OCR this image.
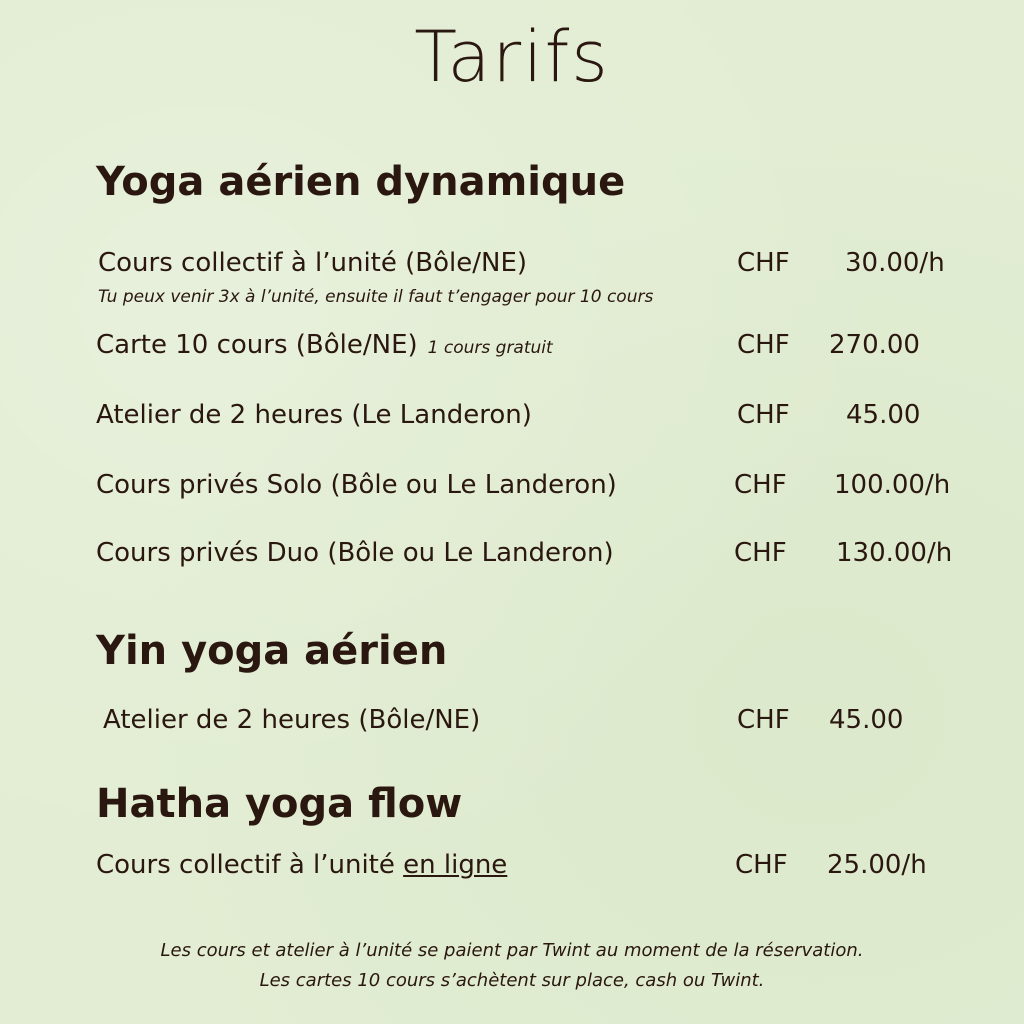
Tarifs
Yoga aérien dynamique
Cours collectif à l’unité (Bôle/NE)	CHF 30.00/h
Tu peux venir 3x à l’unité, ensuite il faut t’engager pour 10 cours
Carte 10 cours (Bôle/NE) 1 cours gratuit	CHF 270.00
Atelier de 2 heures (Le Landeron)	CHF 45.00
Cours privés Solo (Bôle ou Le Landeron)	CHF 100.00/h
Cours privés Duo (Bôle ou Le Landeron)	CHF 130.00/h
Yin yoga aérien
Atelier de 2 heures (Bôle/NE)	CHF 45.00
Hatha yoga flow
Cours collectif à l’unité en ligne	CHF 25.00/h
Les cours et atelier à l’unité se paient par Twint au moment de la réservation.
Les cartes 10 cours s’achètent sur place, cash ou Twint.
